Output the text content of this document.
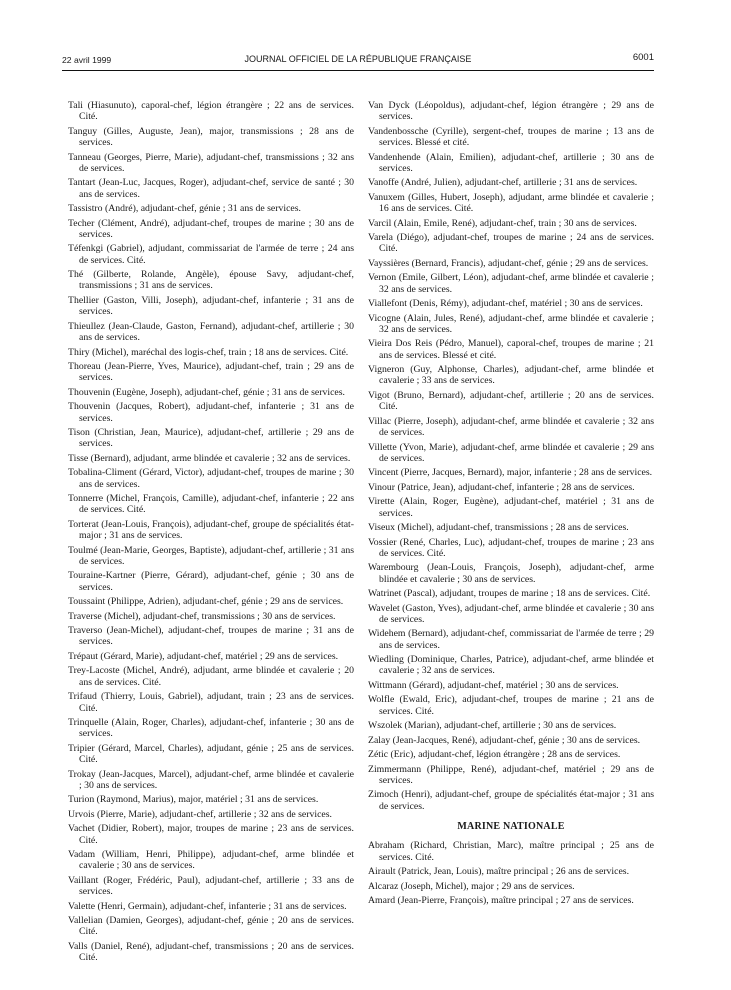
22 avril 1999	JOURNAL OFFICIEL DE LA RÉPUBLIQUE FRANÇAISE	6001

Tali (Hiasunuto), caporal-chef, légion étrangère ; 22 ans de services. Cité.

Tanguy (Gilles, Auguste, Jean), major, transmissions ; 28 ans de services.

Tanneau (Georges, Pierre, Marie), adjudant-chef, transmissions ; 32 ans de services.

Tantart (Jean-Luc, Jacques, Roger), adjudant-chef, service de santé ; 30 ans de services.

Tassistro (André), adjudant-chef, génie ; 31 ans de services.

Techer (Clément, André), adjudant-chef, troupes de marine ; 30 ans de services.

Téfenkgi (Gabriel), adjudant, commissariat de l'armée de terre ; 24 ans de services. Cité.

Thé (Gilberte, Rolande, Angèle), épouse Savy, adjudant-chef, transmissions ; 31 ans de services.

Thellier (Gaston, Villi, Joseph), adjudant-chef, infanterie ; 31 ans de services.

Thieullez (Jean-Claude, Gaston, Fernand), adjudant-chef, artillerie ; 30 ans de services.

Thiry (Michel), maréchal des logis-chef, train ; 18 ans de services. Cité.

Thoreau (Jean-Pierre, Yves, Maurice), adjudant-chef, train ; 29 ans de services.

Thouvenin (Eugène, Joseph), adjudant-chef, génie ; 31 ans de services.

Thouvenin (Jacques, Robert), adjudant-chef, infanterie ; 31 ans de services.

Tison (Christian, Jean, Maurice), adjudant-chef, artillerie ; 29 ans de services.

Tisse (Bernard), adjudant, arme blindée et cavalerie ; 32 ans de services.

Tobalina-Climent (Gérard, Victor), adjudant-chef, troupes de marine ; 30 ans de services.

Tonnerre (Michel, François, Camille), adjudant-chef, infanterie ; 22 ans de services. Cité.

Torterat (Jean-Louis, François), adjudant-chef, groupe de spécialités état-major ; 31 ans de services.

Toulmé (Jean-Marie, Georges, Baptiste), adjudant-chef, artillerie ; 31 ans de services.

Touraine-Kartner (Pierre, Gérard), adjudant-chef, génie ; 30 ans de services.

Toussaint (Philippe, Adrien), adjudant-chef, génie ; 29 ans de services.

Traverse (Michel), adjudant-chef, transmissions ; 30 ans de services.

Traverso (Jean-Michel), adjudant-chef, troupes de marine ; 31 ans de services.

Trépaut (Gérard, Marie), adjudant-chef, matériel ; 29 ans de services.

Trey-Lacoste (Michel, André), adjudant, arme blindée et cavalerie ; 20 ans de services. Cité.

Trifaud (Thierry, Louis, Gabriel), adjudant, train ; 23 ans de services. Cité.

Trinquelle (Alain, Roger, Charles), adjudant-chef, infanterie ; 30 ans de services.

Tripier (Gérard, Marcel, Charles), adjudant, génie ; 25 ans de services. Cité.

Trokay (Jean-Jacques, Marcel), adjudant-chef, arme blindée et cavalerie ; 30 ans de services.

Turion (Raymond, Marius), major, matériel ; 31 ans de services.

Urvois (Pierre, Marie), adjudant-chef, artillerie ; 32 ans de services.

Vachet (Didier, Robert), major, troupes de marine ; 23 ans de services. Cité.

Vadam (William, Henri, Philippe), adjudant-chef, arme blindée et cavalerie ; 30 ans de services.

Vaillant (Roger, Frédéric, Paul), adjudant-chef, artillerie ; 33 ans de services.

Valette (Henri, Germain), adjudant-chef, infanterie ; 31 ans de services.

Vallelian (Damien, Georges), adjudant-chef, génie ; 20 ans de services. Cité.

Valls (Daniel, René), adjudant-chef, transmissions ; 20 ans de services. Cité.

Van Dyck (Léopoldus), adjudant-chef, légion étrangère ; 29 ans de services.

Vandenbossche (Cyrille), sergent-chef, troupes de marine ; 13 ans de services. Blessé et cité.

Vandenhende (Alain, Emilien), adjudant-chef, artillerie ; 30 ans de services.

Vanoffe (André, Julien), adjudant-chef, artillerie ; 31 ans de services.

Vanuxem (Gilles, Hubert, Joseph), adjudant, arme blindée et cavalerie ; 16 ans de services. Cité.

Varcil (Alain, Emile, René), adjudant-chef, train ; 30 ans de services.

Varela (Diégo), adjudant-chef, troupes de marine ; 24 ans de services. Cité.

Vayssières (Bernard, Francis), adjudant-chef, génie ; 29 ans de services.

Vernon (Emile, Gilbert, Léon), adjudant-chef, arme blindée et cavalerie ; 32 ans de services.

Viallefont (Denis, Rémy), adjudant-chef, matériel ; 30 ans de services.

Vicogne (Alain, Jules, René), adjudant-chef, arme blindée et cavalerie ; 32 ans de services.

Vieira Dos Reis (Pédro, Manuel), caporal-chef, troupes de marine ; 21 ans de services. Blessé et cité.

Vigneron (Guy, Alphonse, Charles), adjudant-chef, arme blindée et cavalerie ; 33 ans de services.

Vigot (Bruno, Bernard), adjudant-chef, artillerie ; 20 ans de services. Cité.

Villac (Pierre, Joseph), adjudant-chef, arme blindée et cavalerie ; 32 ans de services.

Villette (Yvon, Marie), adjudant-chef, arme blindée et cavalerie ; 29 ans de services.

Vincent (Pierre, Jacques, Bernard), major, infanterie ; 28 ans de services.

Vinour (Patrice, Jean), adjudant-chef, infanterie ; 28 ans de services.

Virette (Alain, Roger, Eugène), adjudant-chef, matériel ; 31 ans de services.

Viseux (Michel), adjudant-chef, transmissions ; 28 ans de services.

Vossier (René, Charles, Luc), adjudant-chef, troupes de marine ; 23 ans de services. Cité.

Warembourg (Jean-Louis, François, Joseph), adjudant-chef, arme blindée et cavalerie ; 30 ans de services.

Watrinet (Pascal), adjudant, troupes de marine ; 18 ans de services. Cité.

Wavelet (Gaston, Yves), adjudant-chef, arme blindée et cavalerie ; 30 ans de services.

Widehem (Bernard), adjudant-chef, commissariat de l'armée de terre ; 29 ans de services.

Wiedling (Dominique, Charles, Patrice), adjudant-chef, arme blindée et cavalerie ; 32 ans de services.

Wittmann (Gérard), adjudant-chef, matériel ; 30 ans de services.

Wolfle (Ewald, Eric), adjudant-chef, troupes de marine ; 21 ans de services. Cité.

Wszolek (Marian), adjudant-chef, artillerie ; 30 ans de services.

Zalay (Jean-Jacques, René), adjudant-chef, génie ; 30 ans de services.

Zétic (Eric), adjudant-chef, légion étrangère ; 28 ans de services.

Zimmermann (Philippe, René), adjudant-chef, matériel ; 29 ans de services.

Zimoch (Henri), adjudant-chef, groupe de spécialités état-major ; 31 ans de services.

MARINE NATIONALE

Abraham (Richard, Christian, Marc), maître principal ; 25 ans de services. Cité.

Airault (Patrick, Jean, Louis), maître principal ; 26 ans de services.

Alcaraz (Joseph, Michel), major ; 29 ans de services.

Amard (Jean-Pierre, François), maître principal ; 27 ans de services.
